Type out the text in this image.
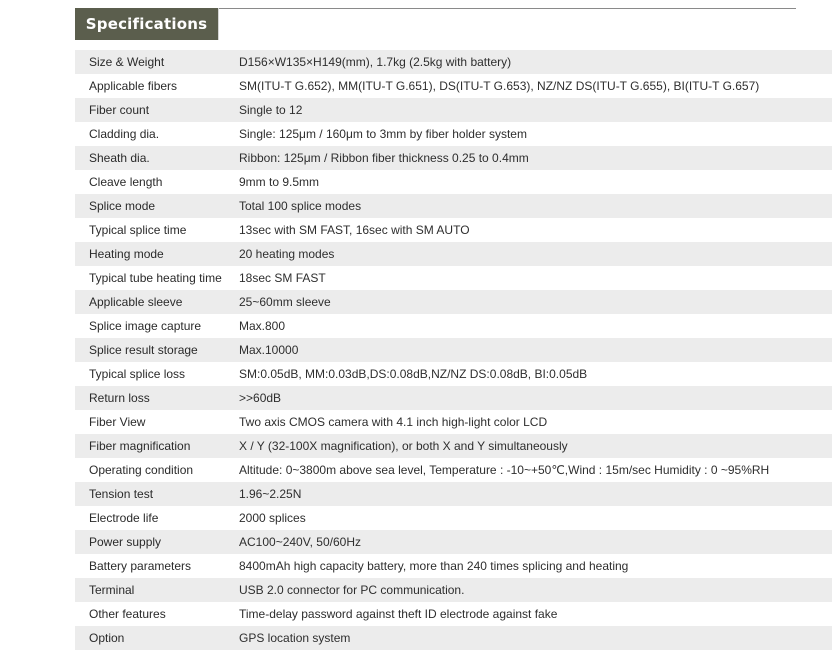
Specifications
Size & Weight	D156×W135×H149(mm), 1.7kg (2.5kg with battery)
Applicable fibers	SM(ITU-T G.652), MM(ITU-T G.651), DS(ITU-T G.653), NZ/NZ DS(ITU-T G.655), BI(ITU-T G.657)
Fiber count	Single to 12
Cladding dia.	Single: 125μm / 160μm to 3mm by fiber holder system
Sheath dia.	Ribbon: 125μm / Ribbon fiber thickness 0.25 to 0.4mm
Cleave length	9mm to 9.5mm
Splice mode	Total 100 splice modes
Typical splice time	13sec with SM FAST, 16sec with SM AUTO
Heating mode	20 heating modes
Typical tube heating time	18sec SM FAST
Applicable sleeve	25~60mm sleeve
Splice image capture	Max.800
Splice result storage	Max.10000
Typical splice loss	SM:0.05dB, MM:0.03dB,DS:0.08dB,NZ/NZ DS:0.08dB, BI:0.05dB
Return loss	>>60dB
Fiber View	Two axis CMOS camera with 4.1 inch high-light color LCD
Fiber magnification	X / Y (32-100X magnification), or both X and Y simultaneously
Operating condition	Altitude: 0~3800m above sea level, Temperature : -10~+50℃,Wind : 15m/sec Humidity : 0 ~95%RH
Tension test	1.96~2.25N
Electrode life	2000 splices
Power supply	AC100~240V, 50/60Hz
Battery parameters	8400mAh high capacity battery, more than 240 times splicing and heating
Terminal	USB 2.0 connector for PC communication.
Other features	Time-delay password against theft ID electrode against fake
Option	GPS location system
